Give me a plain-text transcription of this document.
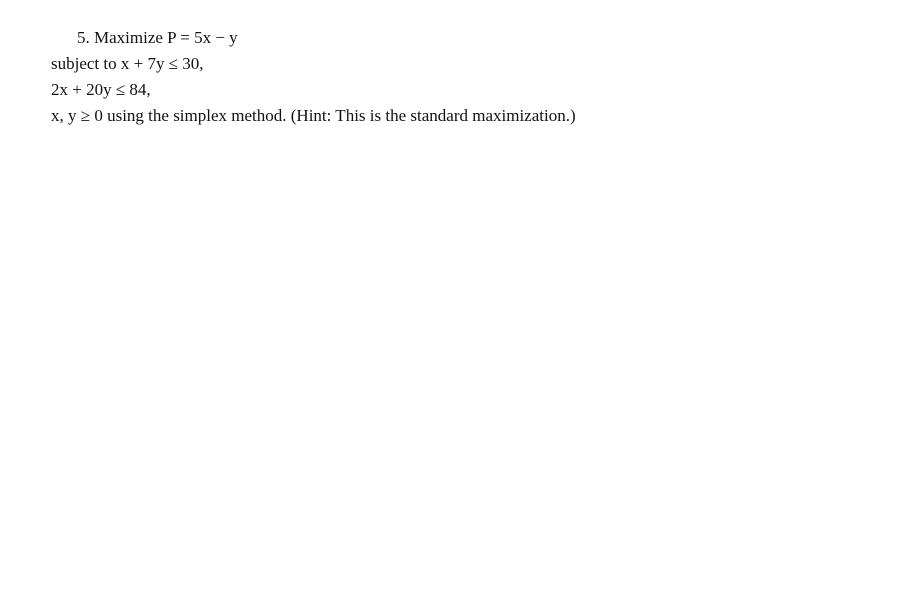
5. Maximize P = 5x − y
subject to x + 7y ≤ 30,
2x + 20y ≤ 84,
x, y ≥ 0 using the simplex method. (Hint: This is the standard maximization.)
